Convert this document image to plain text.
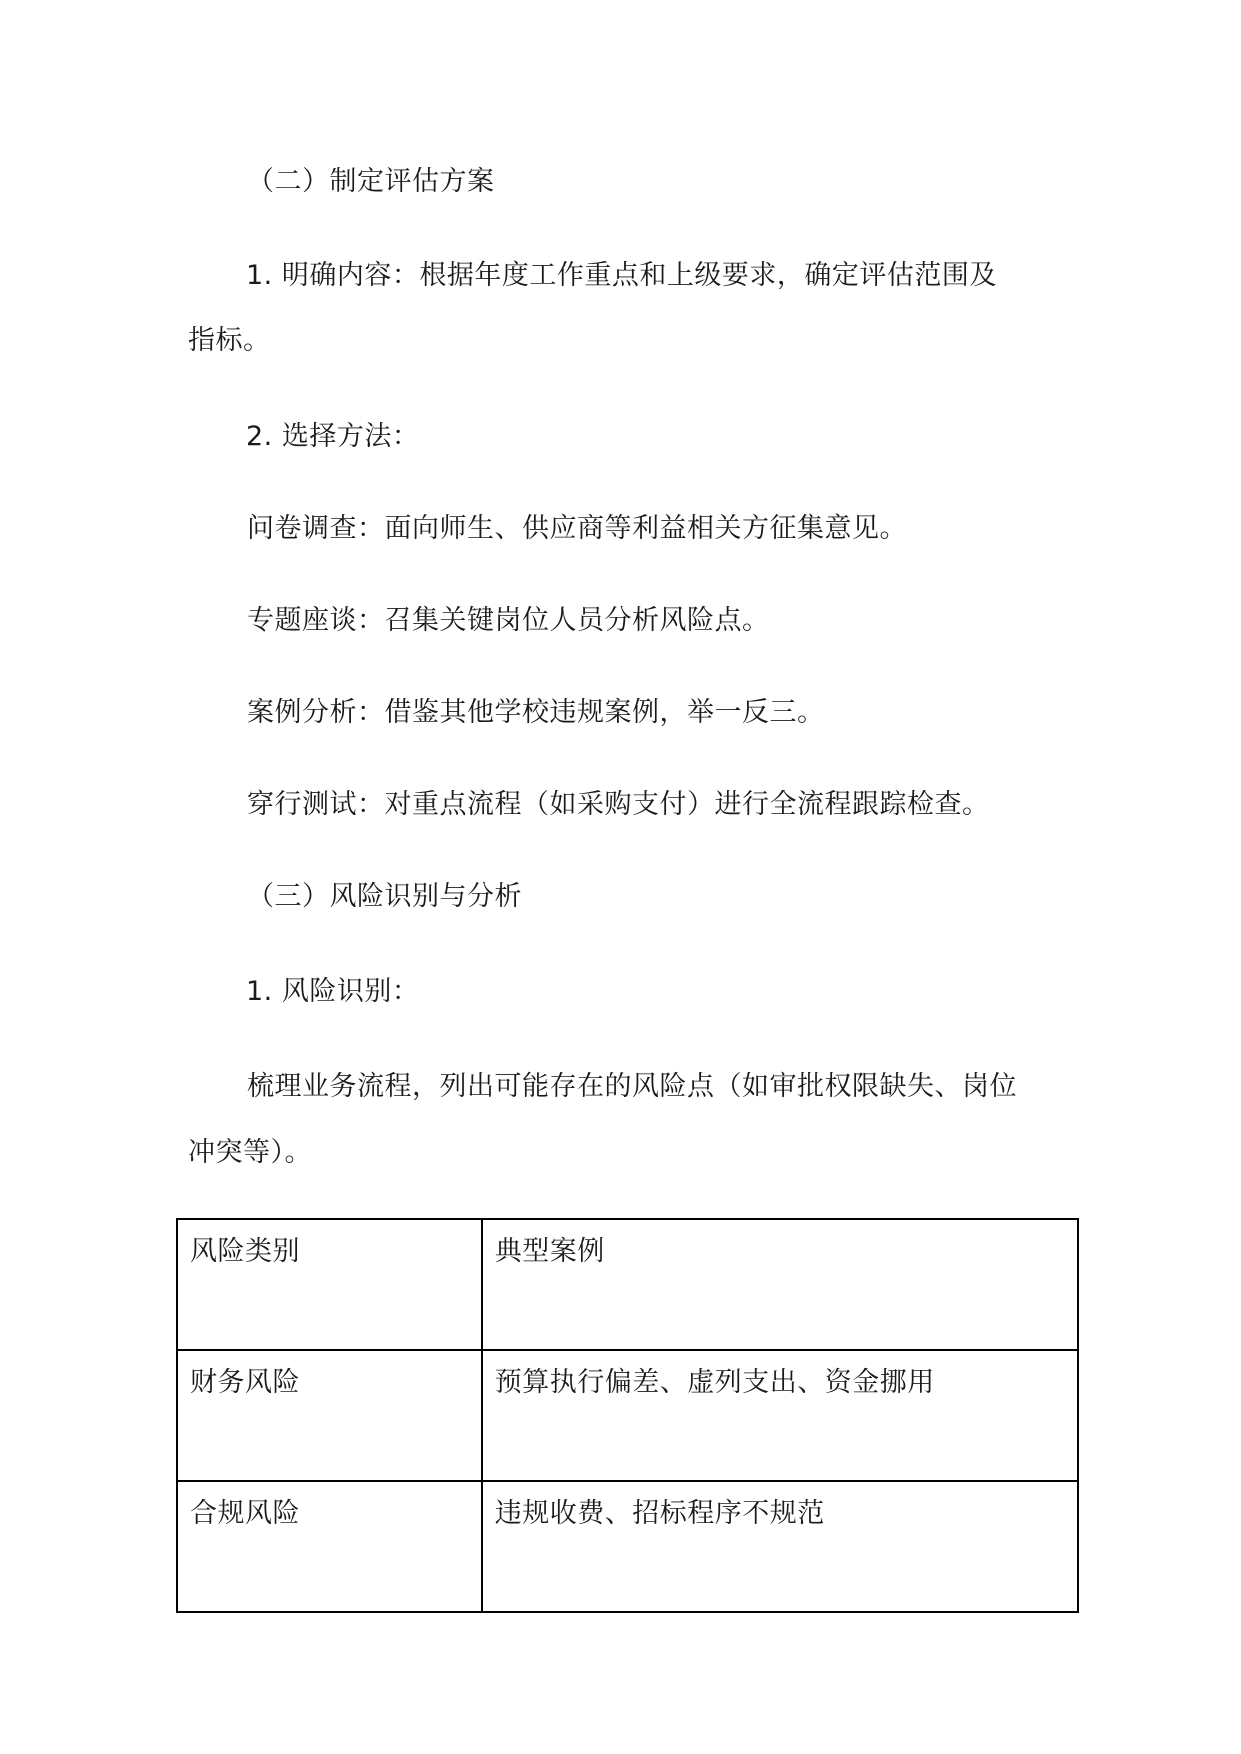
（二）制定评估方案
1. 明确内容：根据年度工作重点和上级要求，确定评估范围及
指标。
2. 选择方法：
问卷调查：面向师生、供应商等利益相关方征集意见。
专题座谈：召集关键岗位人员分析风险点。
案例分析：借鉴其他学校违规案例，举一反三。
穿行测试：对重点流程（如采购支付）进行全流程跟踪检查。
（三）风险识别与分析
1. 风险识别：
梳理业务流程，列出可能存在的风险点（如审批权限缺失、岗位
冲突等）。
风险类别	典型案例
财务风险	预算执行偏差、虚列支出、资金挪用
合规风险	违规收费、招标程序不规范
